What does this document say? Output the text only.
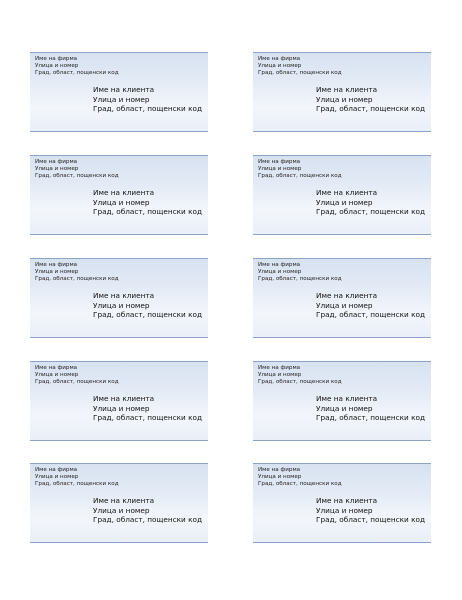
Име на фирма
Улица и номер
Град, област, пощенски код
Име на клиента
Улица и номер
Град, област, пощенски код
Име на фирма
Улица и номер
Град, област, пощенски код
Име на клиента
Улица и номер
Град, област, пощенски код
Име на фирма
Улица и номер
Град, област, пощенски код
Име на клиента
Улица и номер
Град, област, пощенски код
Име на фирма
Улица и номер
Град, област, пощенски код
Име на клиента
Улица и номер
Град, област, пощенски код
Име на фирма
Улица и номер
Град, област, пощенски код
Име на клиента
Улица и номер
Град, област, пощенски код
Име на фирма
Улица и номер
Град, област, пощенски код
Име на клиента
Улица и номер
Град, област, пощенски код
Име на фирма
Улица и номер
Град, област, пощенски код
Име на клиента
Улица и номер
Град, област, пощенски код
Име на фирма
Улица и номер
Град, област, пощенски код
Име на клиента
Улица и номер
Град, област, пощенски код
Име на фирма
Улица и номер
Град, област, пощенски код
Име на клиента
Улица и номер
Град, област, пощенски код
Име на фирма
Улица и номер
Град, област, пощенски код
Име на клиента
Улица и номер
Град, област, пощенски код
